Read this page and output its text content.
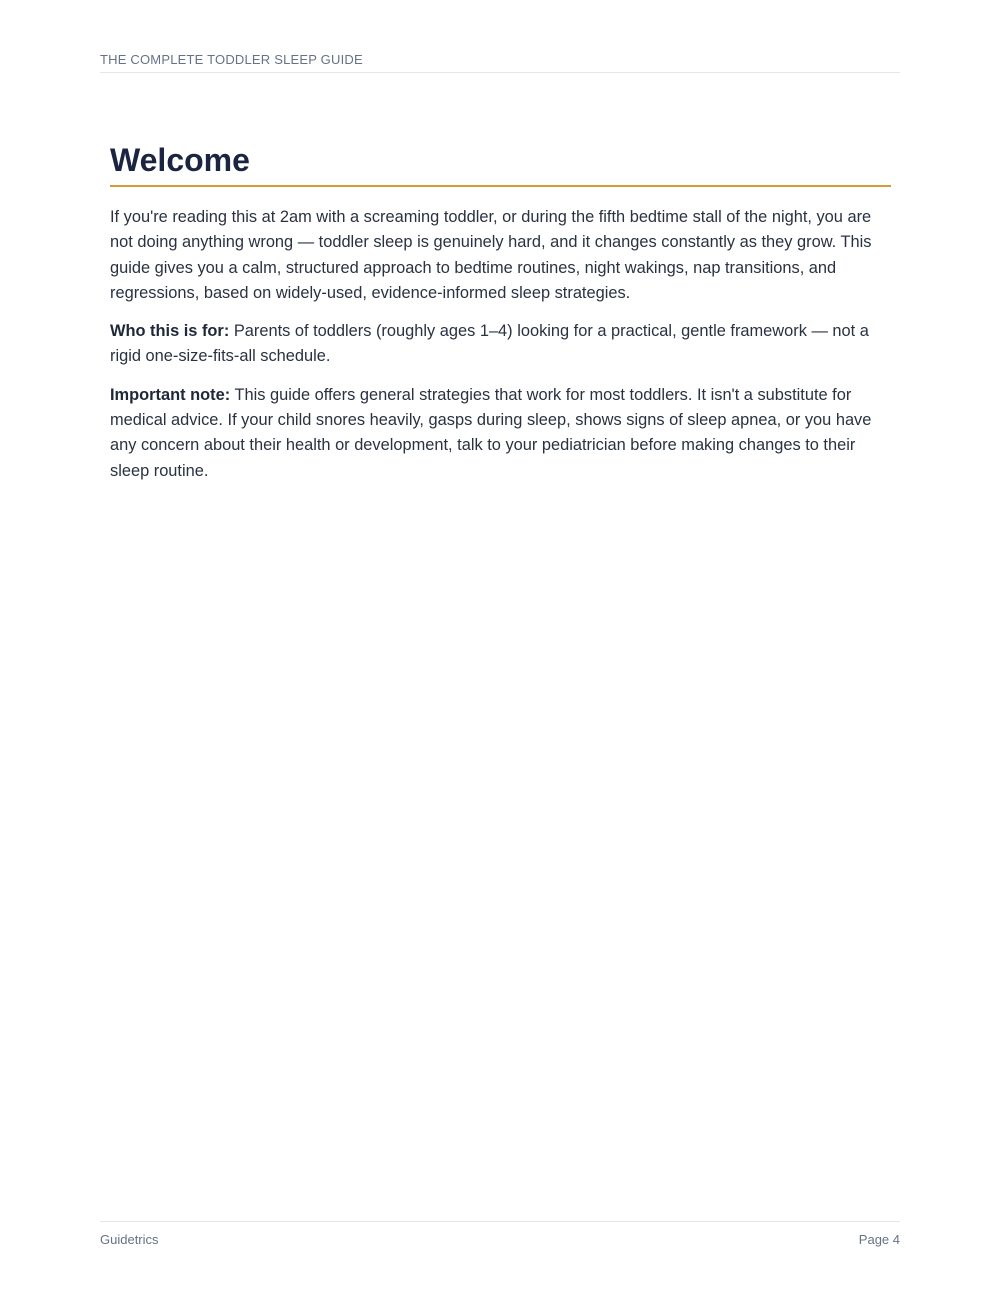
THE COMPLETE TODDLER SLEEP GUIDE
Welcome

If you're reading this at 2am with a screaming toddler, or during the fifth bedtime stall of the night, you are not doing anything wrong — toddler sleep is genuinely hard, and it changes constantly as they grow. This guide gives you a calm, structured approach to bedtime routines, night wakings, nap transitions, and regressions, based on widely-used, evidence-informed sleep strategies.

Who this is for: Parents of toddlers (roughly ages 1–4) looking for a practical, gentle framework — not a rigid one-size-fits-all schedule.

Important note: This guide offers general strategies that work for most toddlers. It isn't a substitute for medical advice. If your child snores heavily, gasps during sleep, shows signs of sleep apnea, or you have any concern about their health or development, talk to your pediatrician before making changes to their sleep routine.

Guidetrics	Page 4
